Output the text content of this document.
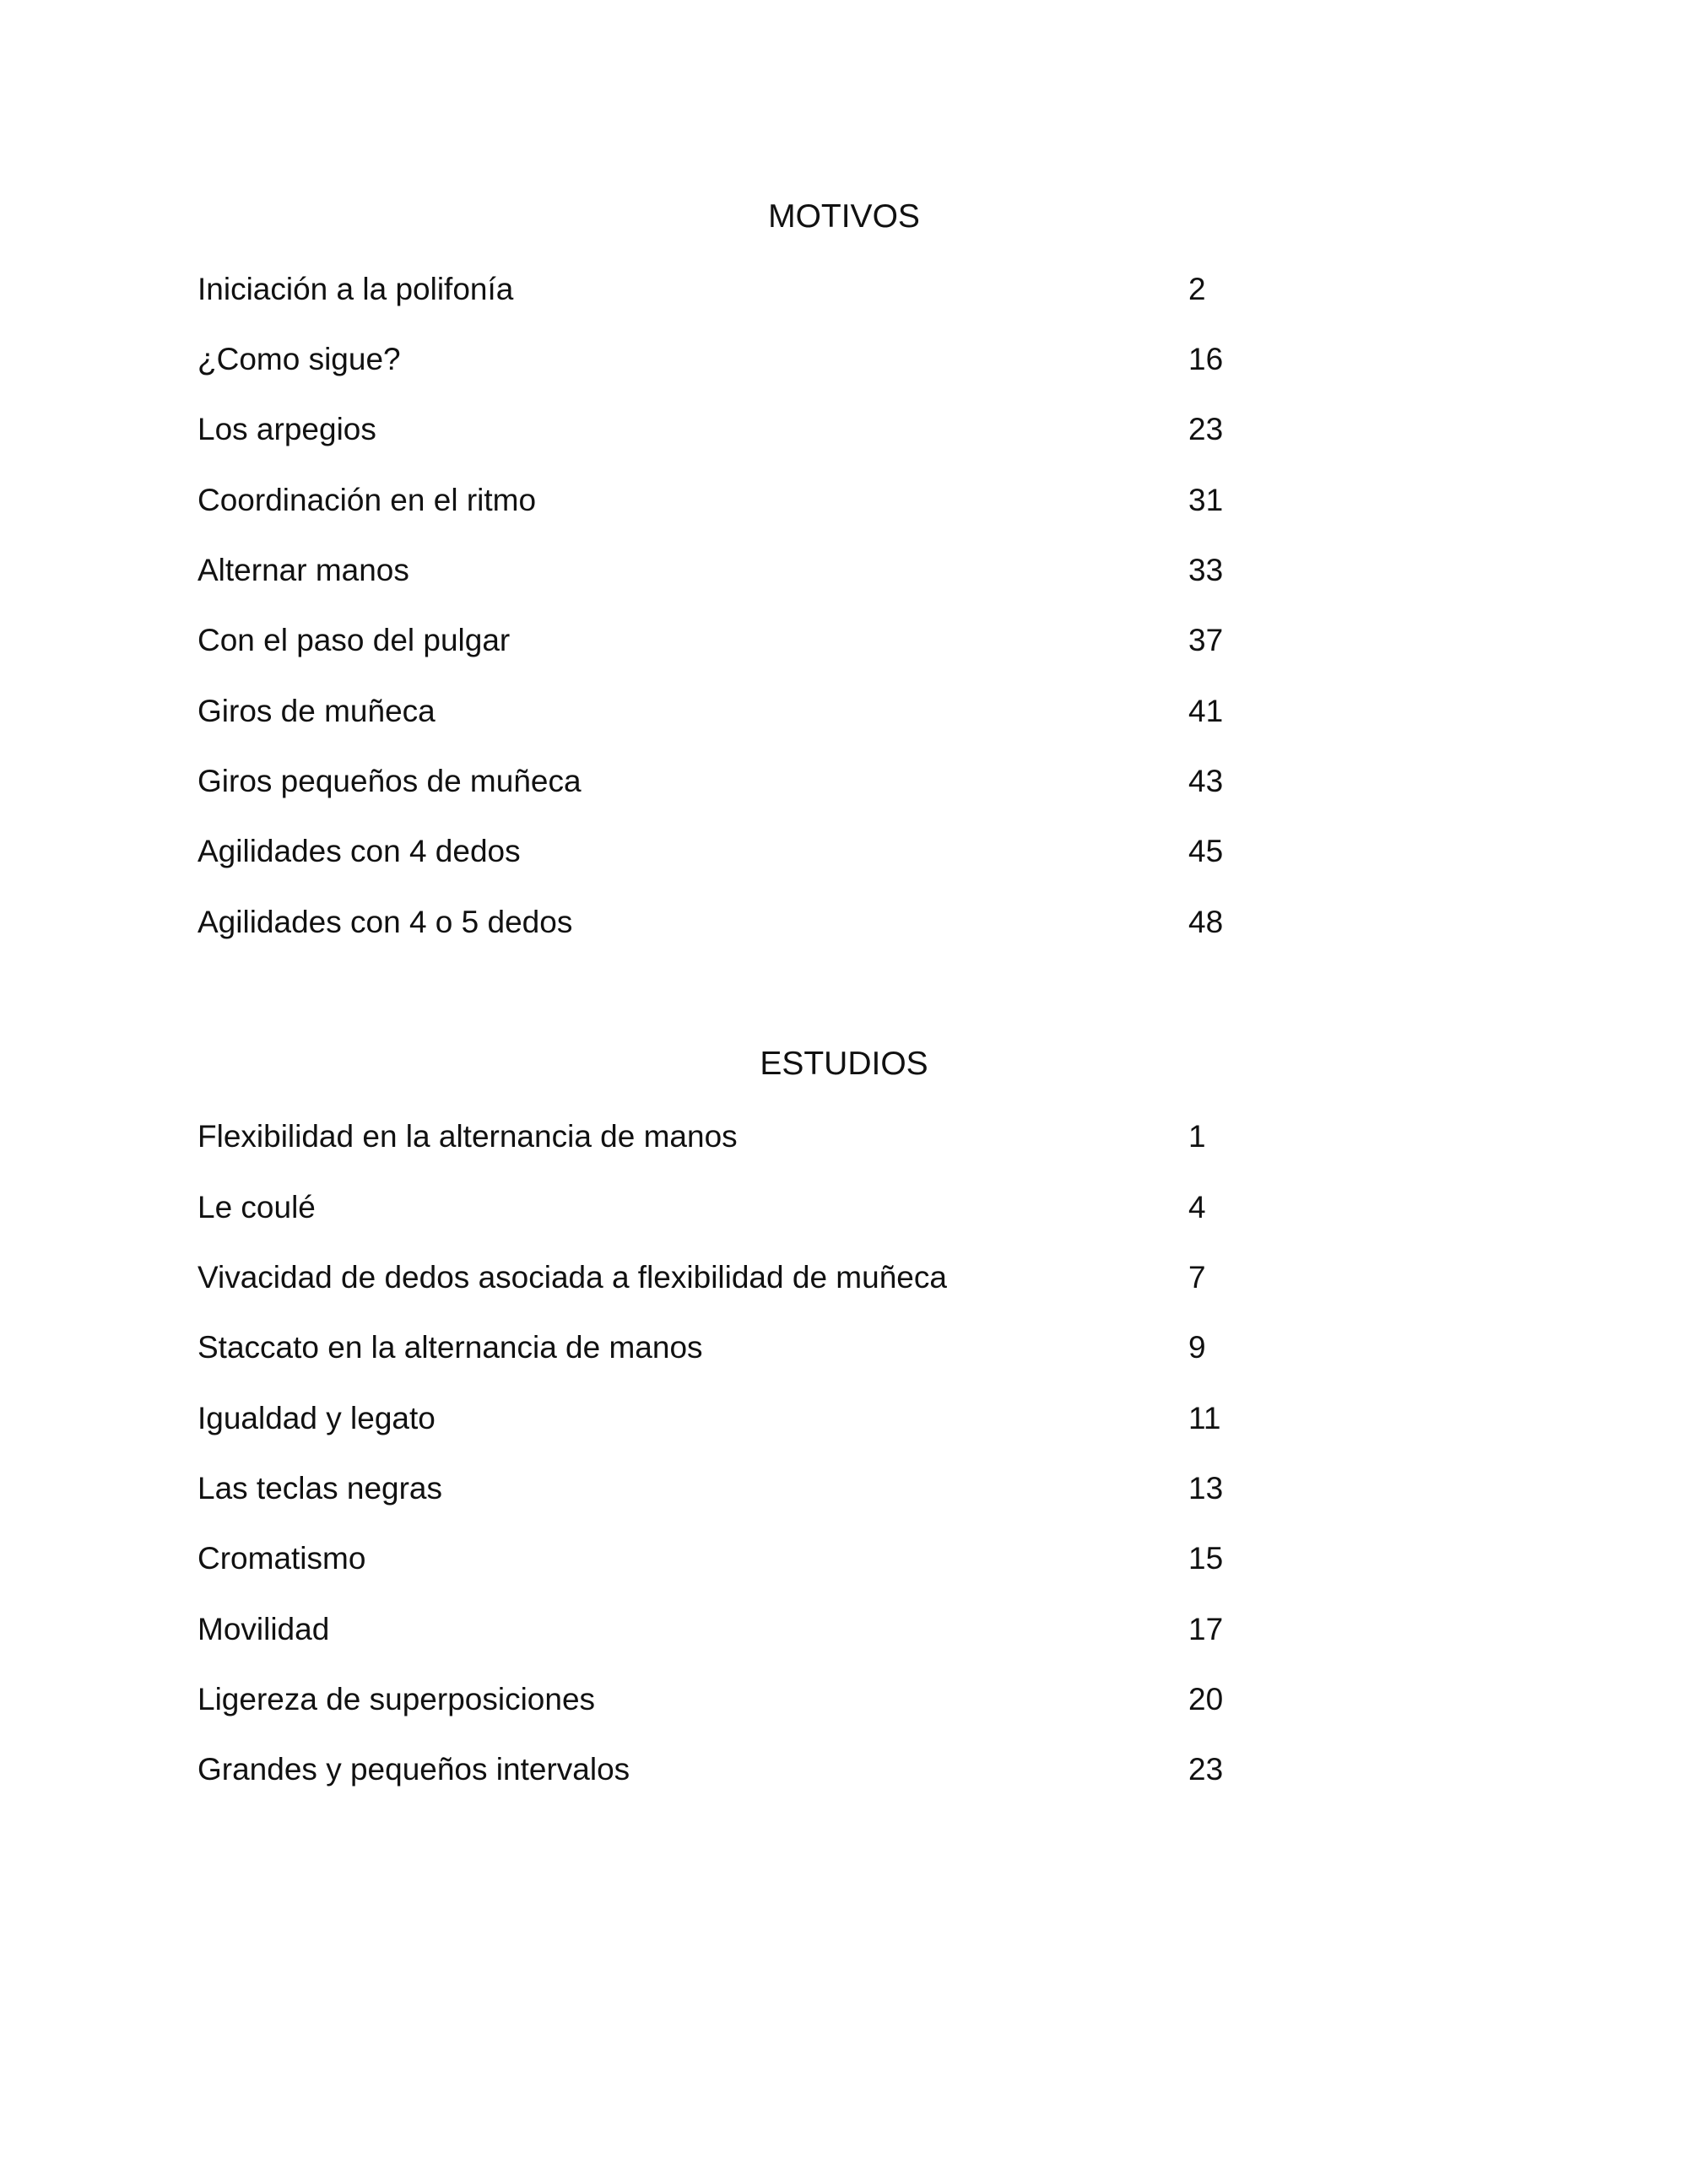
MOTIVOS
Iniciación a la polifonía	2
¿Como sigue?	16
Los arpegios	23
Coordinación en el ritmo	31
Alternar manos	33
Con el paso del pulgar	37
Giros de muñeca	41
Giros pequeños de muñeca	43
Agilidades con 4 dedos	45
Agilidades con 4 o 5 dedos	48
ESTUDIOS
Flexibilidad en la alternancia de manos	1
Le coulé	4
Vivacidad de dedos asociada a flexibilidad de muñeca	7
Staccato en la alternancia de manos	9
Igualdad y legato	11
Las teclas negras	13
Cromatismo	15
Movilidad	17
Ligereza de superposiciones	20
Grandes y pequeños intervalos	23
